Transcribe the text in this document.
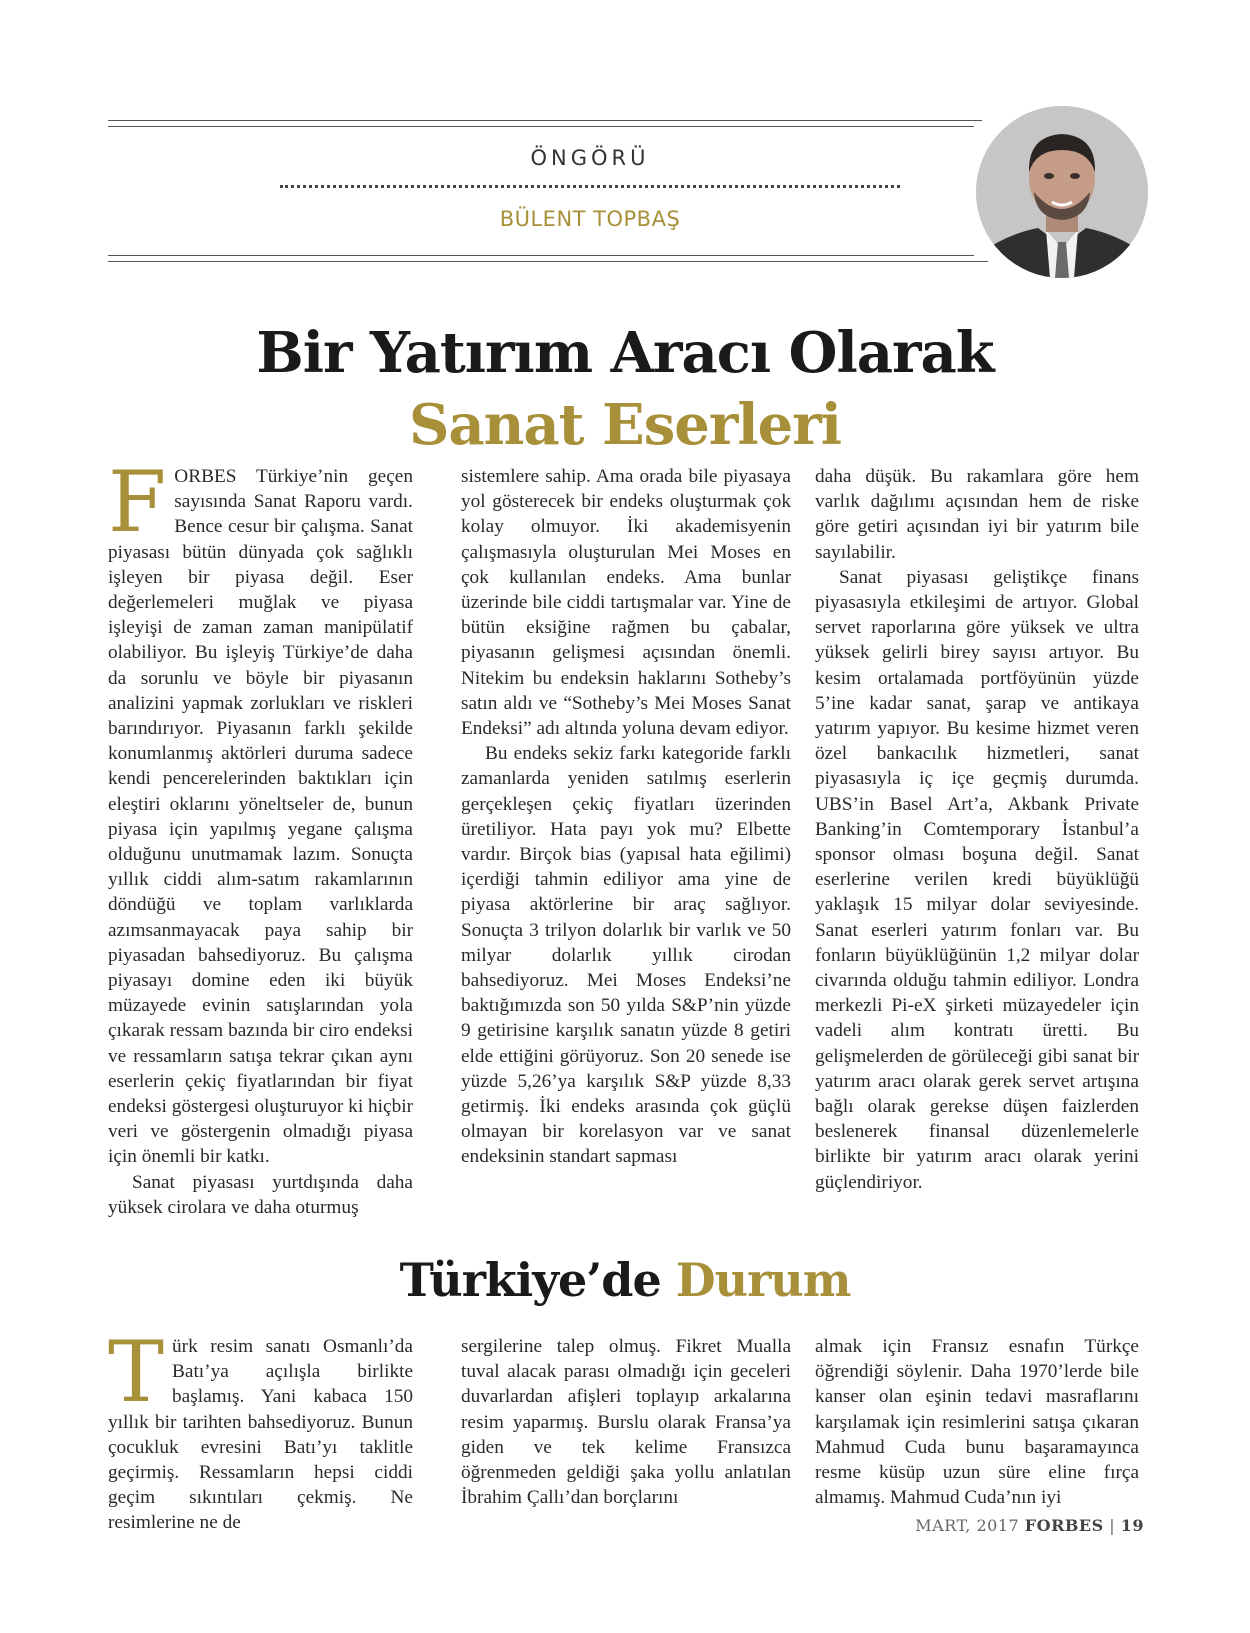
ÖNGÖRÜ
BÜLENT TOPBAŞ
Bir Yatırım Aracı Olarak
Sanat Eserleri
F ORBES Türkiye’nin geçen sayısında Sanat Raporu vardı. Bence cesur bir çalışma. Sanat piyasası bütün dünyada çok sağlıklı işleyen bir piyasa değil. Eser değerlemeleri muğlak ve piyasa işleyişi de zaman zaman manipülatif olabiliyor. Bu işleyiş Türkiye’de daha da sorunlu ve böyle bir piyasanın analizini yapmak zorlukları ve riskleri barındırıyor. Piyasanın farklı şekilde konumlanmış aktörleri duruma sadece kendi pencerelerinden baktıkları için eleştiri oklarını yöneltseler de, bunun piyasa için yapılmış yegane çalışma olduğunu unutmamak lazım. Sonuçta yıllık ciddi alım-satım rakamlarının döndüğü ve toplam varlıklarda azımsanmayacak paya sahip bir piyasadan bahsediyoruz. Bu çalışma piyasayı domine eden iki büyük müzayede evinin satışlarından yola çıkarak ressam bazında bir ciro endeksi ve ressamların satışa tekrar çıkan aynı eserlerin çekiç fiyatlarından bir fiyat endeksi göstergesi oluşturuyor ki hiçbir veri ve göstergenin olmadığı piyasa için önemli bir katkı.

Sanat piyasası yurtdışında daha yüksek cirolara ve daha oturmuş

sistemlere sahip. Ama orada bile piyasaya yol gösterecek bir endeks oluşturmak çok kolay olmuyor. İki akademisyenin çalışmasıyla oluşturulan Mei Moses en çok kullanılan endeks. Ama bunlar üzerinde bile ciddi tartışmalar var. Yine de bütün eksiğine rağmen bu çabalar, piyasanın gelişmesi açısından önemli. Nitekim bu endeksin haklarını Sotheby’s satın aldı ve “Sotheby’s Mei Moses Sanat Endeksi” adı altında yoluna devam ediyor.

Bu endeks sekiz farkı kategoride farklı zamanlarda yeniden satılmış eserlerin gerçekleşen çekiç fiyatları üzerinden üretiliyor. Hata payı yok mu? Elbette vardır. Birçok bias (yapısal hata eğilimi) içerdiği tahmin ediliyor ama yine de piyasa aktörlerine bir araç sağlıyor. Sonuçta 3 trilyon dolarlık bir varlık ve 50 milyar dolarlık yıllık cirodan bahsediyoruz. Mei Moses Endeksi’ne baktığımızda son 50 yılda S&P’nin yüzde 9 getirisine karşılık sanatın yüzde 8 getiri elde ettiğini görüyoruz. Son 20 senede ise yüzde 5,26’ya karşılık S&P yüzde 8,33 getirmiş. İki endeks arasında çok güçlü olmayan bir korelasyon var ve sanat endeksinin standart sapması

daha düşük. Bu rakamlara göre hem varlık dağılımı açısından hem de riske göre getiri açısından iyi bir yatırım bile sayılabilir.

Sanat piyasası geliştikçe finans piyasasıyla etkileşimi de artıyor. Global servet raporlarına göre yüksek ve ultra yüksek gelirli birey sayısı artıyor. Bu kesim ortalamada portföyünün yüzde 5’ine kadar sanat, şarap ve antikaya yatırım yapıyor. Bu kesime hizmet veren özel bankacılık hizmetleri, sanat piyasasıyla iç içe geçmiş durumda. UBS’in Basel Art’a, Akbank Private Banking’in Comtemporary İstanbul’a sponsor olması boşuna değil. Sanat eserlerine verilen kredi büyüklüğü yaklaşık 15 milyar dolar seviyesinde. Sanat eserleri yatırım fonları var. Bu fonların büyüklüğünün 1,2 milyar dolar civarında olduğu tahmin ediliyor. Londra merkezli Pi-eX şirketi müzayedeler için vadeli alım kontratı üretti. Bu gelişmelerden de görüleceği gibi sanat bir yatırım aracı olarak gerek servet artışına bağlı olarak gerekse düşen faizlerden beslenerek finansal düzenlemelerle birlikte bir yatırım aracı olarak yerini güçlendiriyor.

Türkiye’de Durum
T ürk resim sanatı Osmanlı’da Batı’ya açılışla birlikte başlamış. Yani kabaca 150 yıllık bir tarihten bahsediyoruz. Bunun çocukluk evresini Batı’yı taklitle geçirmiş. Ressamların hepsi ciddi geçim sıkıntıları çekmiş. Ne resimlerine ne de

sergilerine talep olmuş. Fikret Mualla tuval alacak parası olmadığı için geceleri duvarlardan afişleri toplayıp arkalarına resim yaparmış. Burslu olarak Fransa’ya giden ve tek kelime Fransızca öğrenmeden geldiği şaka yollu anlatılan İbrahim Çallı’dan borçlarını

almak için Fransız esnafın Türkçe öğrendiği söylenir. Daha 1970’lerde bile kanser olan eşinin tedavi masraflarını karşılamak için resimlerini satışa çıkaran Mahmud Cuda bunu başaramayınca resme küsüp uzun süre eline fırça almamış. Mahmud Cuda’nın iyi

MART, 2017 FORBES | 19
